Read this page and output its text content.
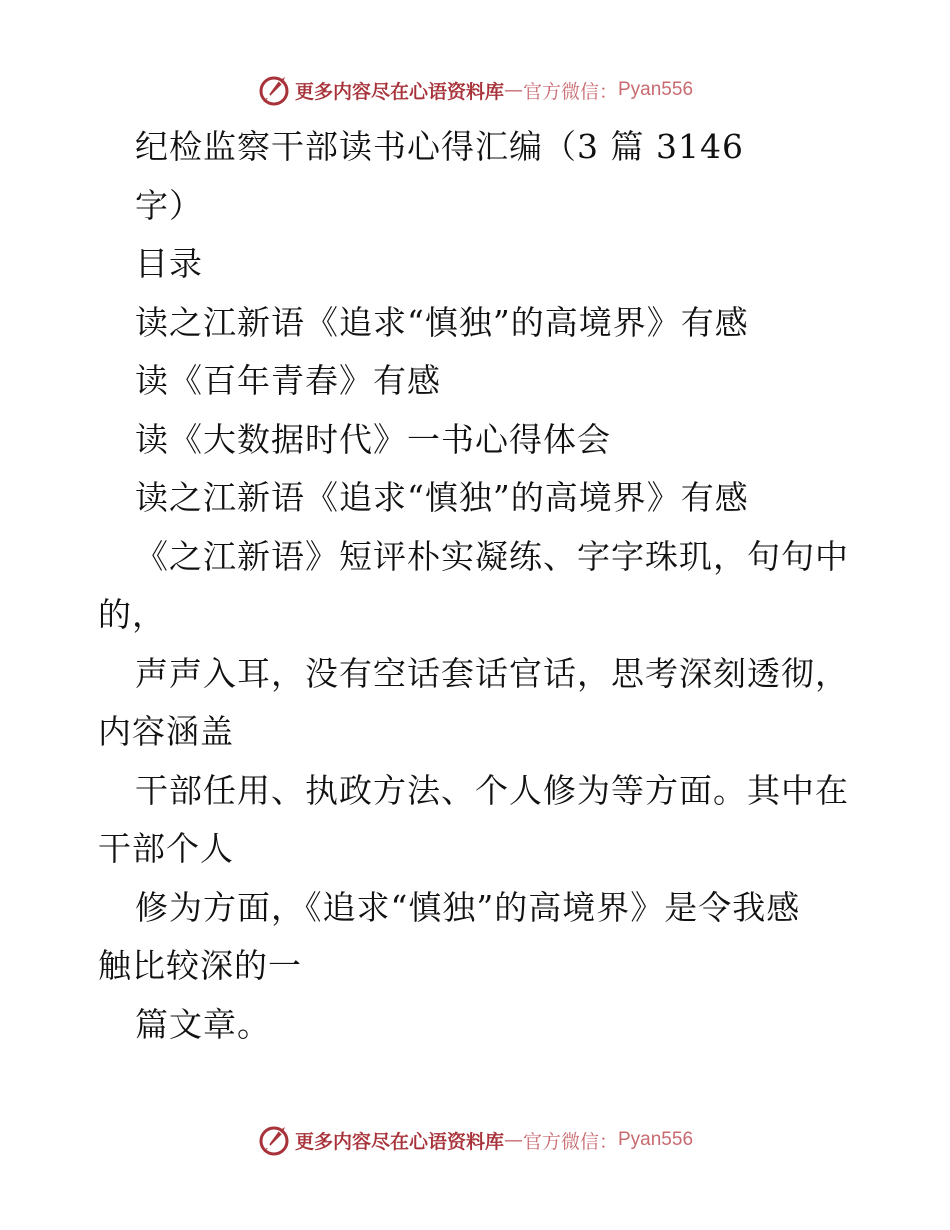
更多内容尽在心语资料库 — 官方微信： Pyan556
纪检监察干部读书心得汇编（3 篇 3146
字）
目录
读之江新语《追求“慎独”的高境界》有感
读《百年青春》有感
读《大数据时代》一书心得体会
读之江新语《追求“慎独”的高境界》有感
《之江新语》短评朴实凝练、字字珠玑，句句中
的，
声声入耳，没有空话套话官话，思考深刻透彻，
内容涵盖
干部任用、执政方法、个人修为等方面。其中在
干部个人
修为方面，《追求“慎独”的高境界》是令我感
触比较深的一
篇文章。
更多内容尽在心语资料库 — 官方微信： Pyan556
